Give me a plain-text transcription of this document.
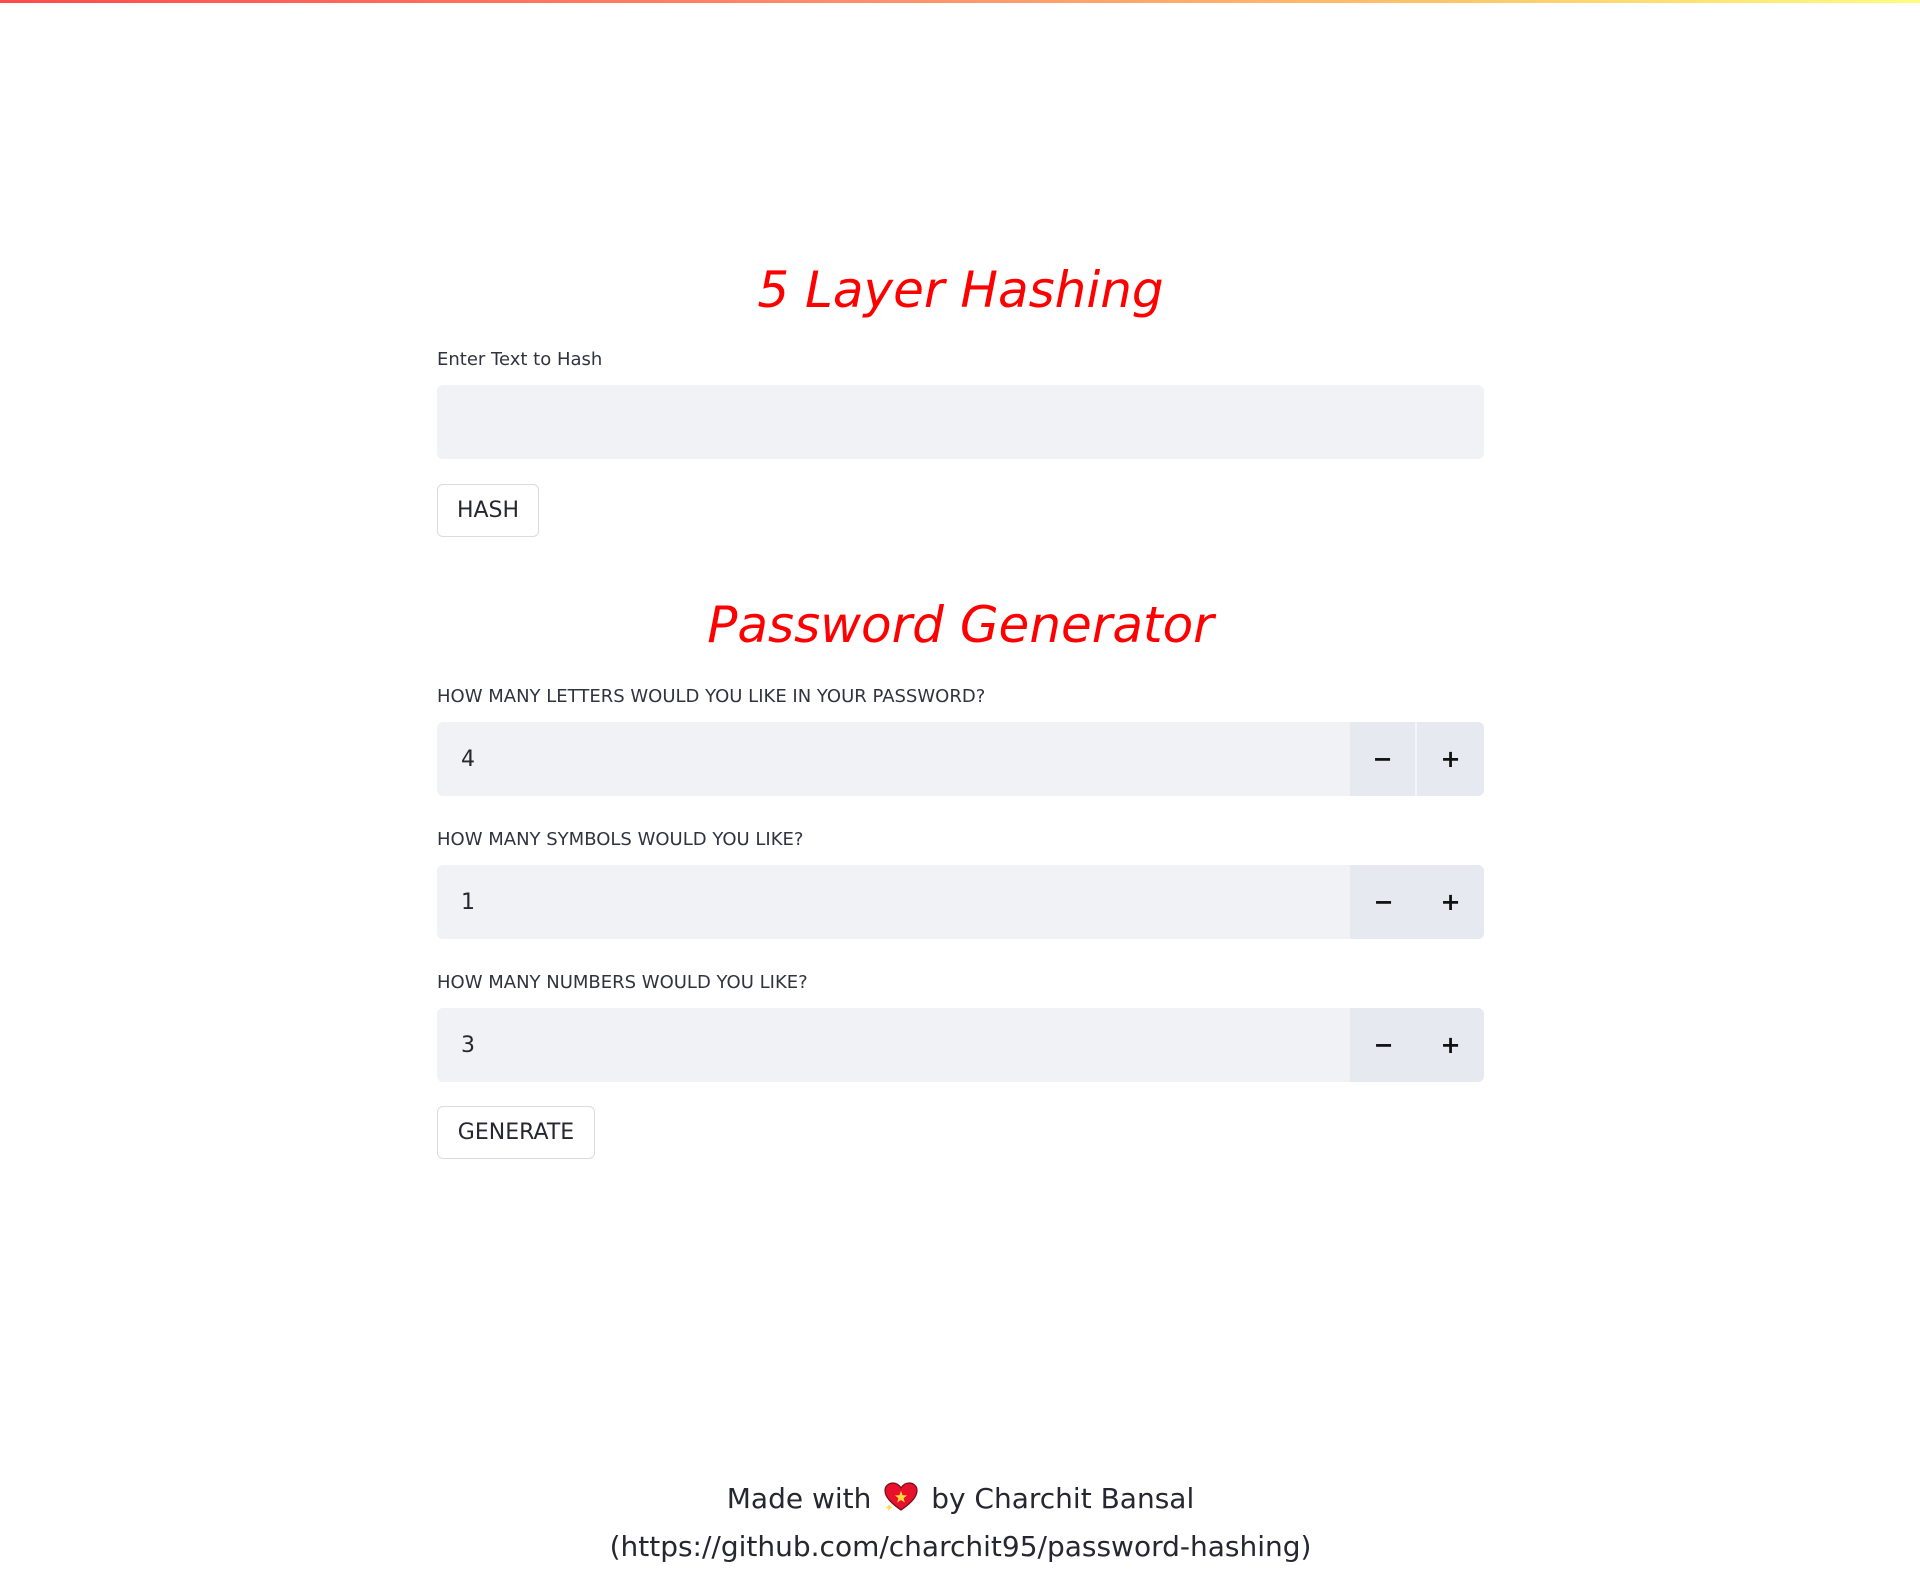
5 Layer Hashing
Enter Text to Hash
HASH
Password Generator
HOW MANY LETTERS WOULD YOU LIKE IN YOUR PASSWORD?
4	−	+
HOW MANY SYMBOLS WOULD YOU LIKE?
1	−	+
HOW MANY NUMBERS WOULD YOU LIKE?
3	−	+
GENERATE
Made with by Charchit Bansal (https://github.com/charchit95/password-hashing)
